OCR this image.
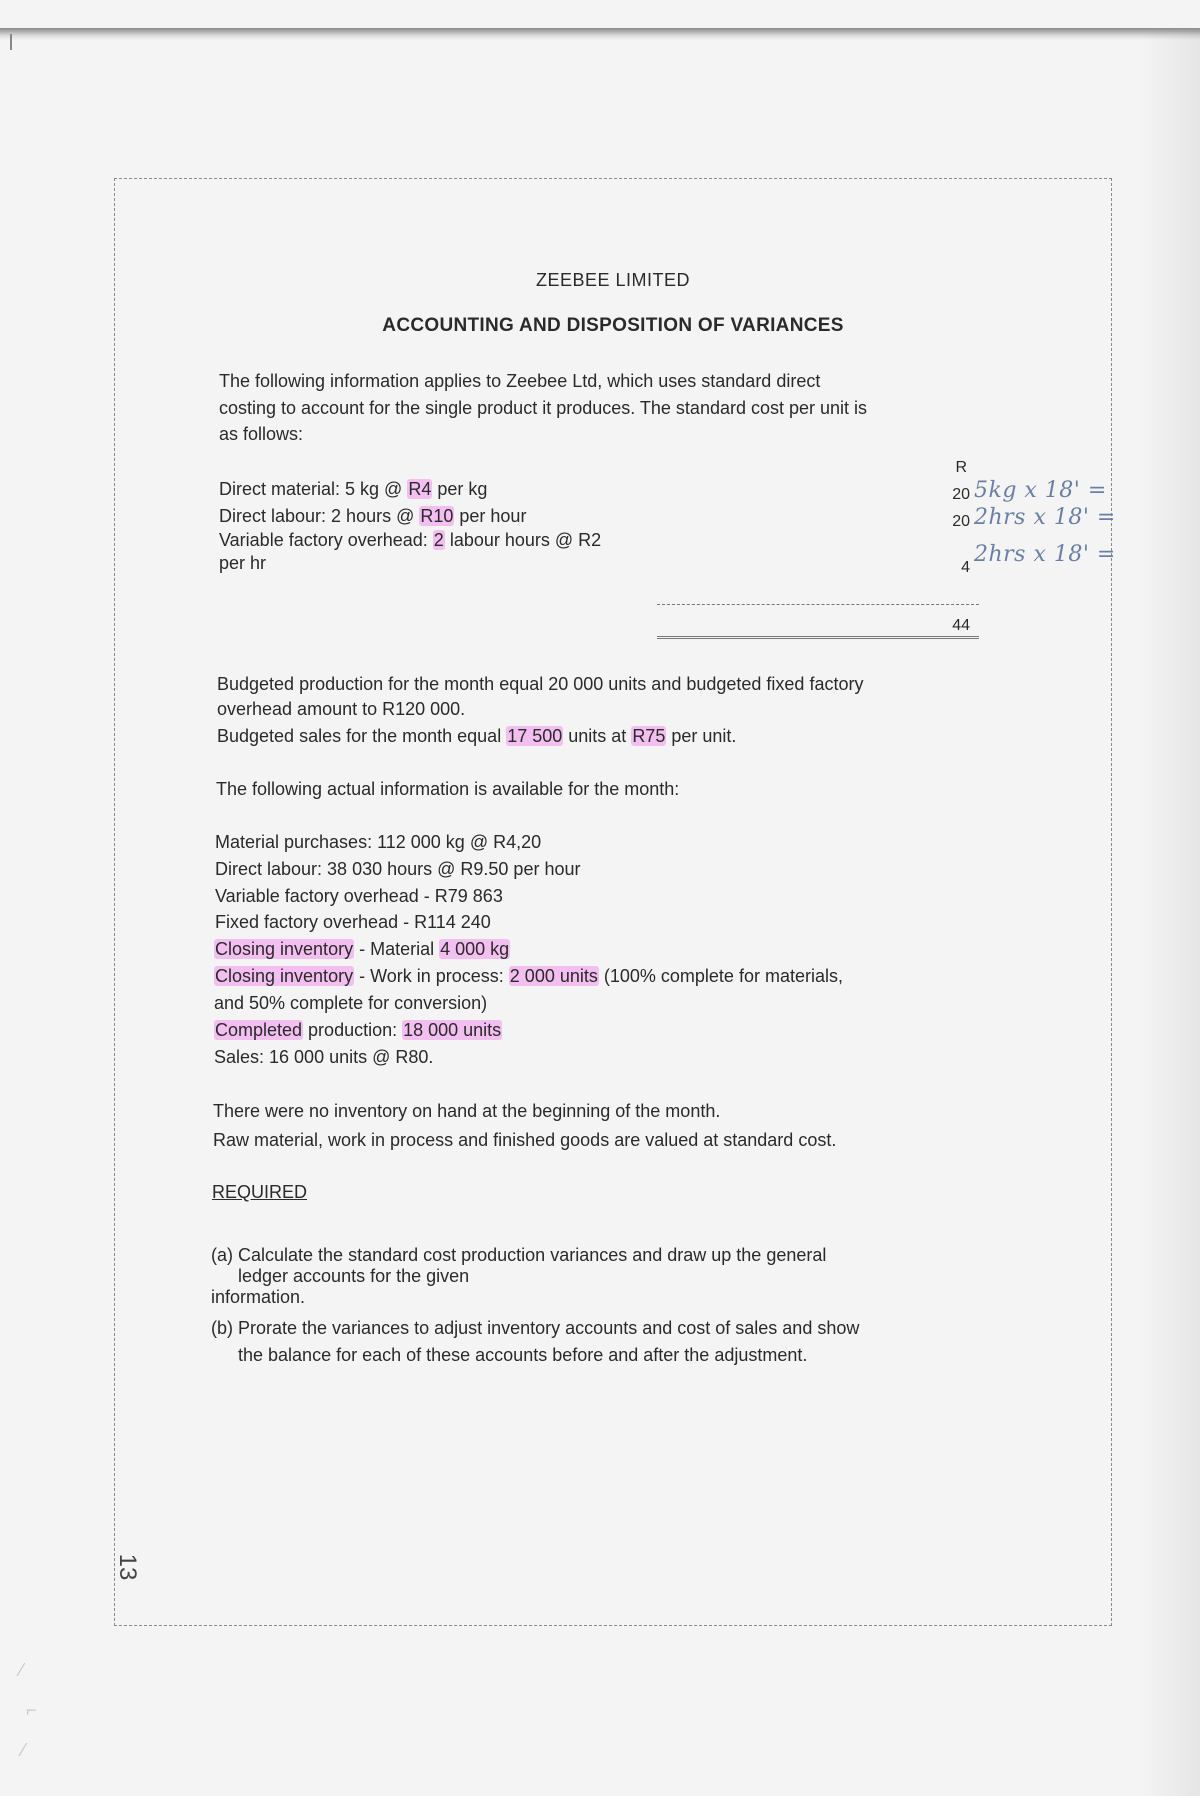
ZEEBEE LIMITED

ACCOUNTING AND DISPOSITION OF VARIANCES

The following information applies to Zeebee Ltd, which uses standard direct

costing to account for the single product it produces. The standard cost per unit is

as follows:

R

Direct material: 5 kg @ R4 per kg	20

Direct labour: 2 hours @ R10 per hour	20

Variable factory overhead: 2 labour hours @ R2

per hr	4
5kg x 18' =
2hrs x 18' =
2hrs x 18' =
44

Budgeted production for the month equal 20 000 units and budgeted fixed factory

overhead amount to R120 000.

Budgeted sales for the month equal 17 500 units at R75 per unit.

The following actual information is available for the month:

Material purchases: 112 000 kg @ R4,20

Direct labour: 38 030 hours @ R9.50 per hour

Variable factory overhead - R79 863

Fixed factory overhead - R114 240

Closing inventory - Material 4 000 kg

Closing inventory - Work in process: 2 000 units (100% complete for materials,

and 50% complete for conversion)

Completed production: 18 000 units

Sales: 16 000 units @ R80.

There were no inventory on hand at the beginning of the month.

Raw material, work in process and finished goods are valued at standard cost.

REQUIRED

(a) Calculate the standard cost production variances and draw up the general

ledger accounts for the given

information.

(b) Prorate the variances to adjust inventory accounts and cost of sales and show

the balance for each of these accounts before and after the adjustment.

13
⁄
⌐
⁄
